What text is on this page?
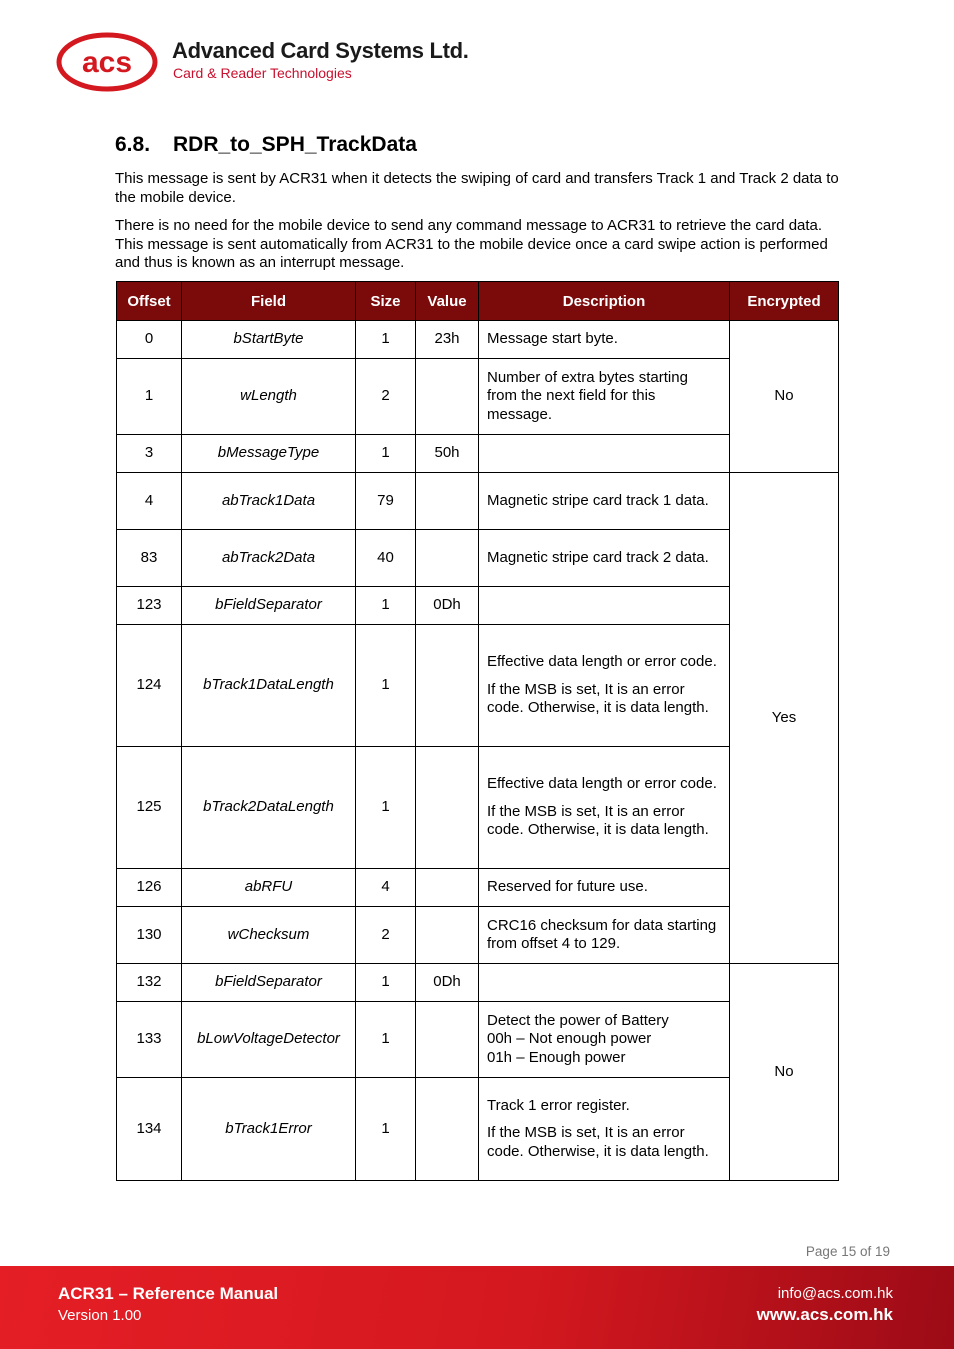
acs Advanced Card Systems Ltd.
Card & Reader Technologies
6.8. RDR_to_SPH_TrackData

This message is sent by ACR31 when it detects the swiping of card and transfers Track 1 and Track 2 data to the mobile device.

There is no need for the mobile device to send any command message to ACR31 to retrieve the card data. This message is sent automatically from ACR31 to the mobile device once a card swipe action is performed and thus is known as an interrupt message.

Offset	Field	Size	Value	Description	Encrypted
0	bStartByte	1	23h	Message start byte.	No
1	wLength	2		Number of extra bytes starting from the next field for this message.	

3	bMessageType	1	50h		

4	abTrack1Data	79		Magnetic stripe card track 1 data.	Yes
83	abTrack2Data	40		Magnetic stripe card track 2 data.	

123	bFieldSeparator	1	0Dh		

124	bTrack1DataLength	1		Effective data length or error code.
If the MSB is set, It is an error code. Otherwise, it is data length.	

125	bTrack2DataLength	1		Effective data length or error code.
If the MSB is set, It is an error code. Otherwise, it is data length.	

126	abRFU	4		Reserved for future use.	

130	wChecksum	2		CRC16 checksum for data starting from offset 4 to 129.	

132	bFieldSeparator	1	0Dh		No
133	bLowVoltageDetector	1		Detect the power of Battery
00h – Not enough power
01h – Enough power	

134	bTrack1Error	1		Track 1 error register.
If the MSB is set, It is an error code. Otherwise, it is data length.	
Page 15 of 19
ACR31 – Reference Manual
Version 1.00
info@acs.com.hk
www.acs.com.hk
